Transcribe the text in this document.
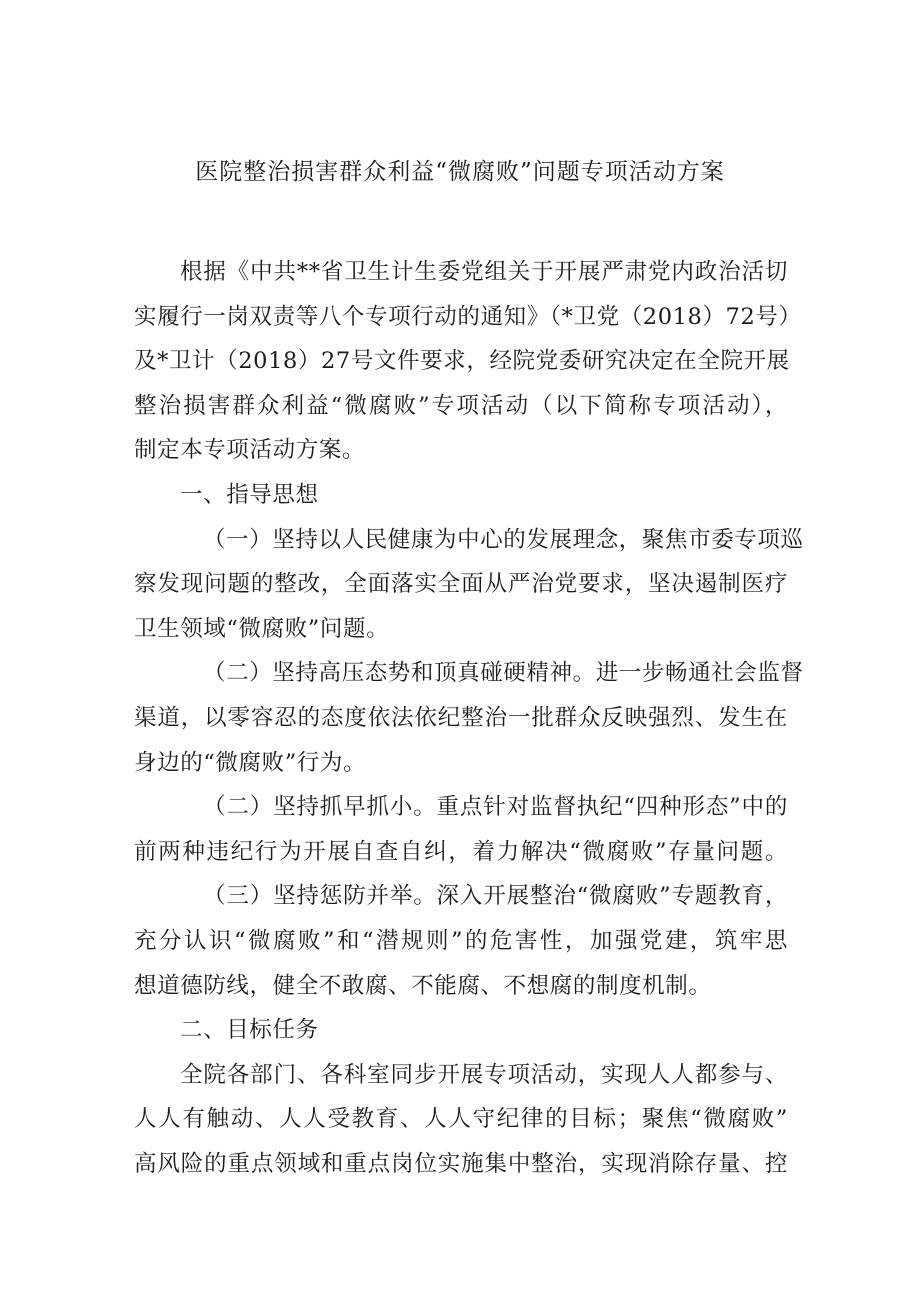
医院整治损害群众利益“微腐败”问题专项活动方案
根据《中共**省卫生计生委党组关于开展严肃党内政治活切
实履行一岗双责等八个专项行动的通知》（*卫党（2018）72号）
及*卫计（2018）27号文件要求，经院党委研究决定在全院开展
整治损害群众利益“微腐败”专项活动（以下简称专项活动），
制定本专项活动方案。
一、指导思想
（一）坚持以人民健康为中心的发展理念，聚焦市委专项巡
察发现问题的整改，全面落实全面从严治党要求，坚决遏制医疗
卫生领域“微腐败”问题。
（二）坚持高压态势和顶真碰硬精神。进一步畅通社会监督
渠道，以零容忍的态度依法依纪整治一批群众反映强烈、发生在
身边的“微腐败”行为。
（二）坚持抓早抓小。重点针对监督执纪“四种形态”中的
前两种违纪行为开展自查自纠，着力解决“微腐败”存量问题。
（三）坚持惩防并举。深入开展整治“微腐败”专题教育，
充分认识“微腐败”和“潜规则”的危害性，加强党建，筑牢思
想道德防线，健全不敢腐、不能腐、不想腐的制度机制。
二、目标任务
全院各部门、各科室同步开展专项活动，实现人人都参与、
人人有触动、人人受教育、人人守纪律的目标；聚焦“微腐败”
高风险的重点领域和重点岗位实施集中整治，实现消除存量、控
